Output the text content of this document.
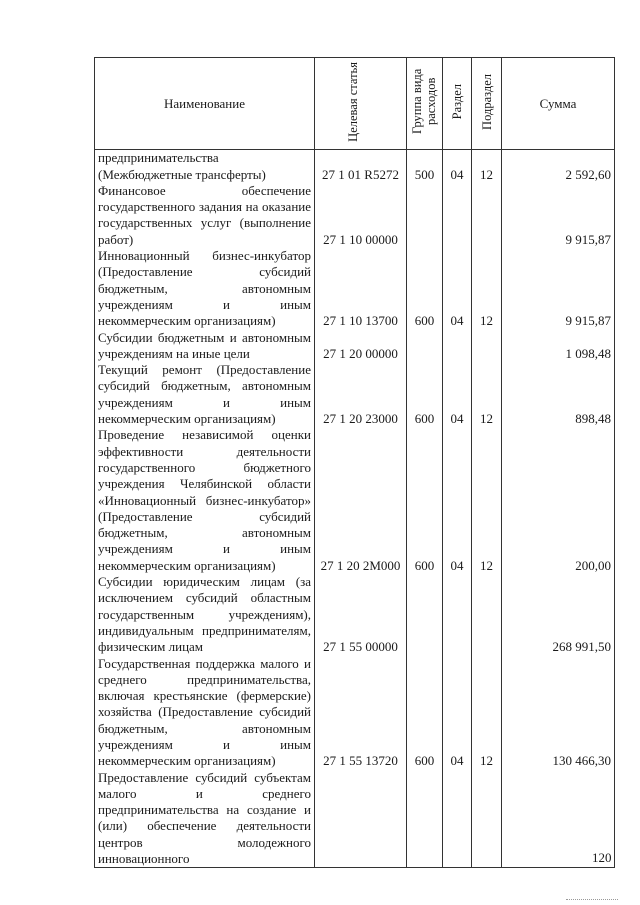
Наименование	Целевая статья	Группа вида расходов	Раздел	Подраздел	Сумма
предпринимательства (Межбюджетные трансферты)	27 1 01 R5272	500	04	12	2 592,60
Финансовое обеспечение государственного задания на оказание государственных услуг (выполнение работ)	27 1 10 00000				9 915,87
Инновационный бизнес-инкубатор (Предоставление субсидий бюджетным, автономным учреждениям и иным некоммерческим организациям)	27 1 10 13700	600	04	12	9 915,87
Субсидии бюджетным и автономным учреждениям на иные цели	27 1 20 00000				1 098,48
Текущий ремонт (Предоставление субсидий бюджетным, автономным учреждениям и иным некоммерческим организациям)	27 1 20 23000	600	04	12	898,48
Проведение независимой оценки эффективности деятельности государственного бюджетного учреждения Челябинской области «Инновационный бизнес-инкубатор» (Предоставление субсидий бюджетным, автономным учреждениям и иным некоммерческим организациям)	27 1 20 2М000	600	04	12	200,00
Субсидии юридическим лицам (за исключением субсидий областным государственным учреждениям), индивидуальным предпринимателям, физическим лицам	27 1 55 00000				268 991,50
Государственная поддержка малого и среднего предпринимательства, включая крестьянские (фермерские) хозяйства (Предоставление субсидий бюджетным, автономным учреждениям и иным некоммерческим организациям)	27 1 55 13720	600	04	12	130 466,30
Предоставление субсидий субъектам малого и среднего предпринимательства на создание и (или) обеспечение деятельности центров молодежного инновационного						120
